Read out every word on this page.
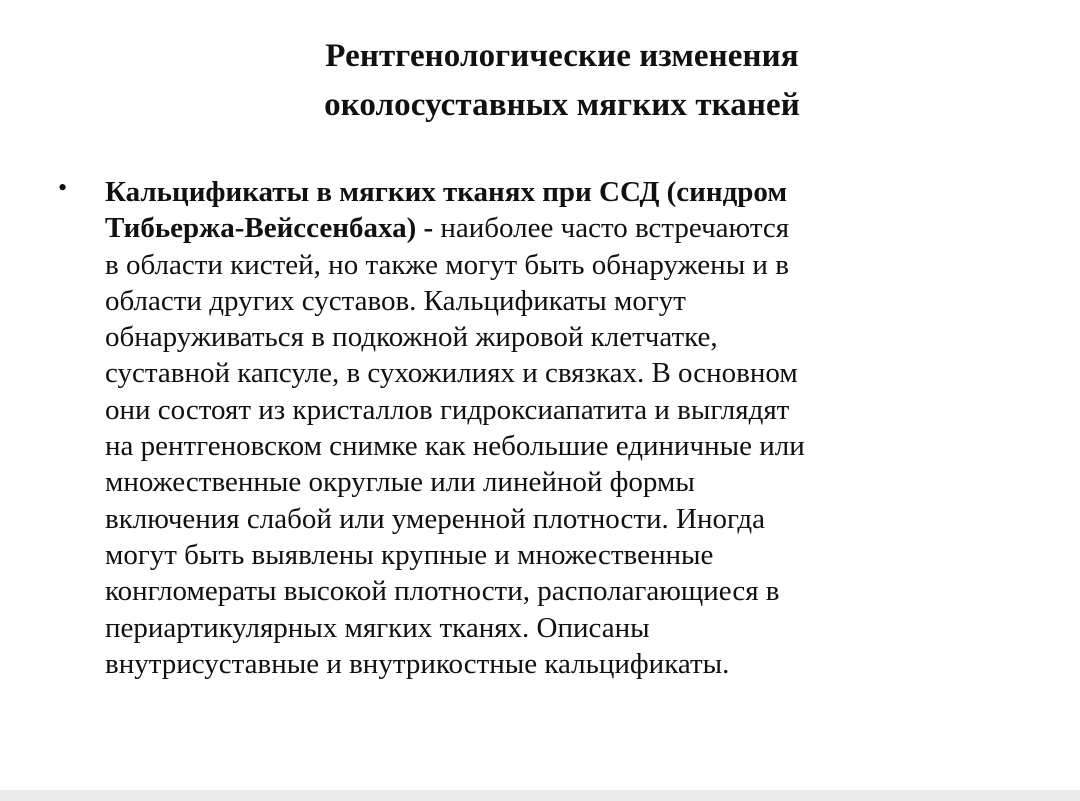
Рентгенологические изменения
околосуставных мягких тканей
• Кальцификаты в мягких тканях при ССД (синдром
Тибьержа-Вейссенбаха) - наиболее часто встречаются
в области кистей, но также могут быть обнаружены и в
области других суставов. Кальцификаты могут
обнаруживаться в подкожной жировой клетчатке,
суставной капсуле, в сухожилиях и связках. В основном
они состоят из кристаллов гидроксиапатита и выглядят
на рентгеновском снимке как небольшие единичные или
множественные округлые или линейной формы
включения слабой или умеренной плотности. Иногда
могут быть выявлены крупные и множественные
конгломераты высокой плотности, располагающиеся в
периартикулярных мягких тканях. Описаны
внутрисуставные и внутрикостные кальцификаты.
